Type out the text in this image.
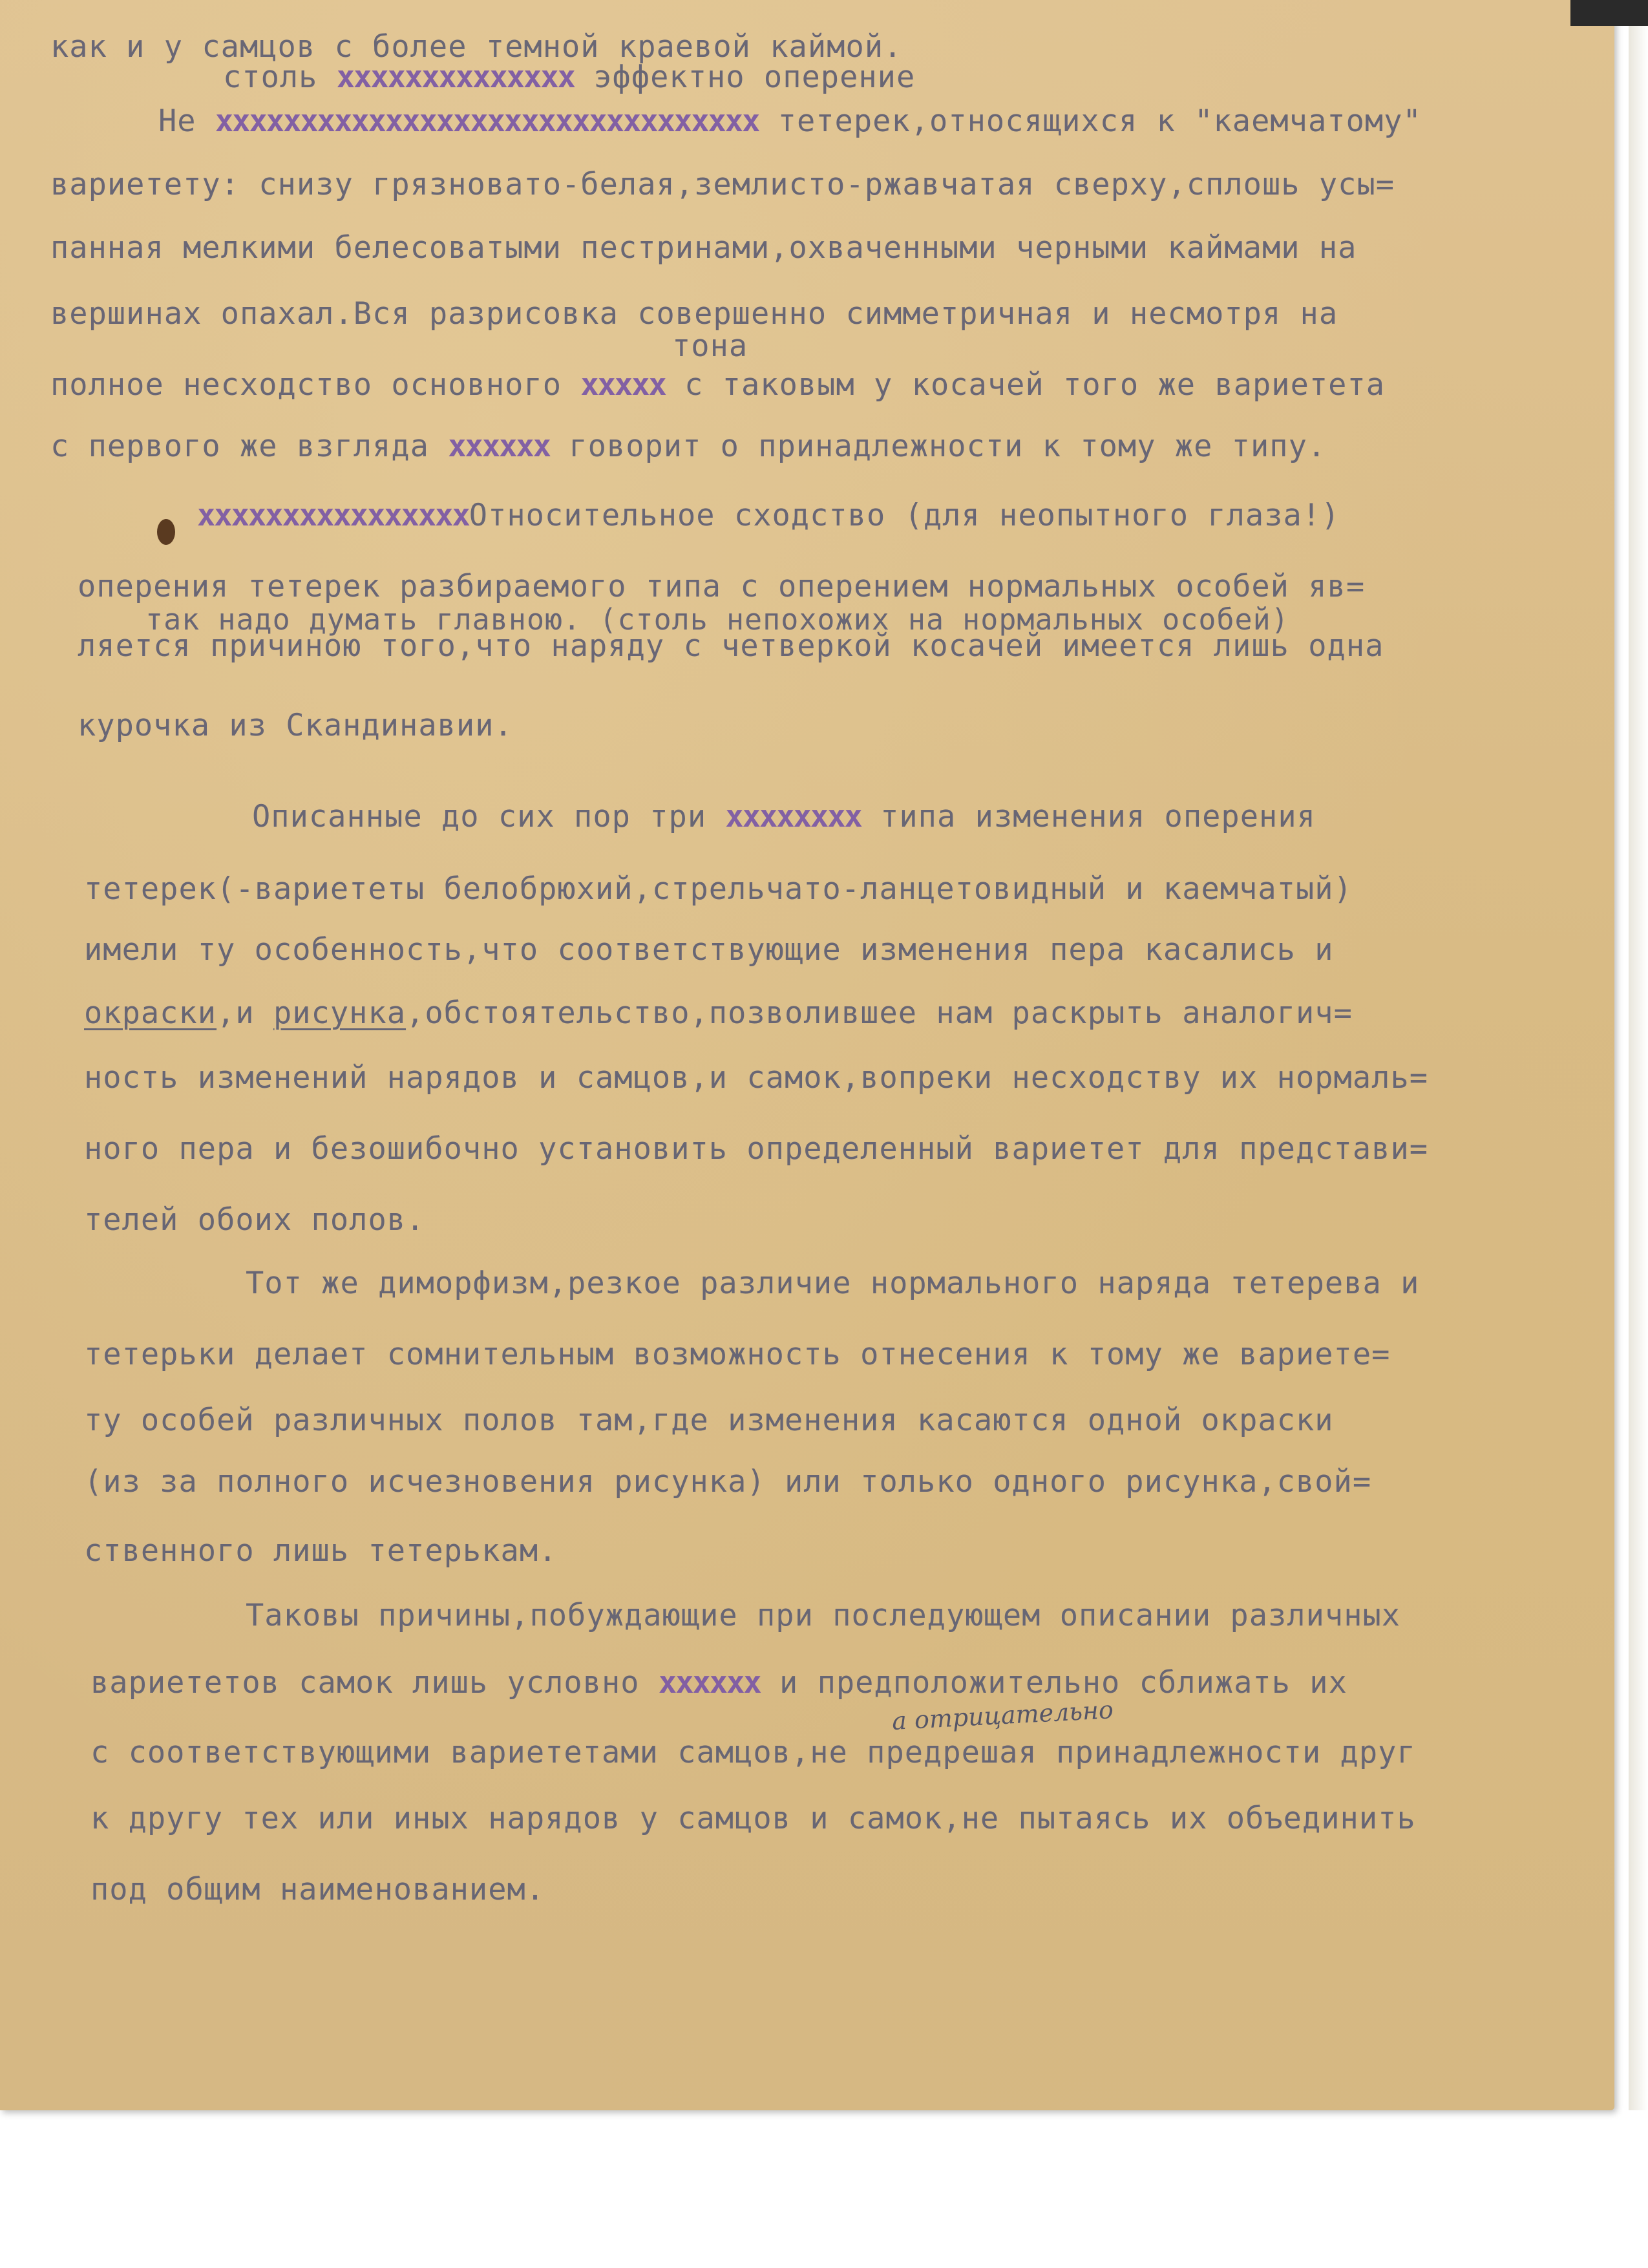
как и у самцов с более темной краевой каймой.
столь xxxxxxxxxxxxxx эффектно оперение
Не xxxxxxxxxxxxxxxxxxxxxxxxxxxxxxxx тетерек,относящихся к "каемчатому"
вариетету: снизу грязновато-белая,землисто-ржавчатая сверху,сплошь усы=
панная мелкими белесоватыми пестринами,охваченными черными каймами на
вершинах опахал.Вся разрисовка совершенно симметричная и несмотря на
тона
полное несходство основного xxxxx с таковым у косачей того же вариетета
с первого же взгляда xxxxxx говорит о принадлежности к тому же типу.
xxxxxxxxxxxxxxxxОтносительное сходство (для неопытного глаза!)
оперения тетерек разбираемого типа с оперением нормальных особей яв=
так надо думать главною. (столь непохожих на нормальных особей)
ляется причиною того,что наряду с четверкой косачей имеется лишь одна
курочка из Скандинавии.
Описанные до сих пор три xxxxxxxx типа изменения оперения
тетерек(-вариететы белобрюхий,стрельчато-ланцетовидный и каемчатый)
имели ту особенность,что соответствующие изменения пера касались и
окраски,и рисунка,обстоятельство,позволившее нам раскрыть аналогич=
ность изменений нарядов и самцов,и самок,вопреки несходству их нормаль=
ного пера и безошибочно установить определенный вариетет для представи=
телей обоих полов.
Тот же диморфизм,резкое различие нормального наряда тетерева и
тетерьки делает сомнительным возможность отнесения к тому же вариете=
ту особей различных полов там,где изменения касаются одной окраски
(из за полного исчезновения рисунка) или только одного рисунка,свой=
ственного лишь тетерькам.
Таковы причины,побуждающие при последующем описании различных
вариететов самок лишь условно xxxxxx и предположительно сближать их
а отрицательно
с соответствующими вариететами самцов,не предрешая принадлежности друг
к другу тех или иных нарядов у самцов и самок,не пытаясь их объединить
под общим наименованием.
